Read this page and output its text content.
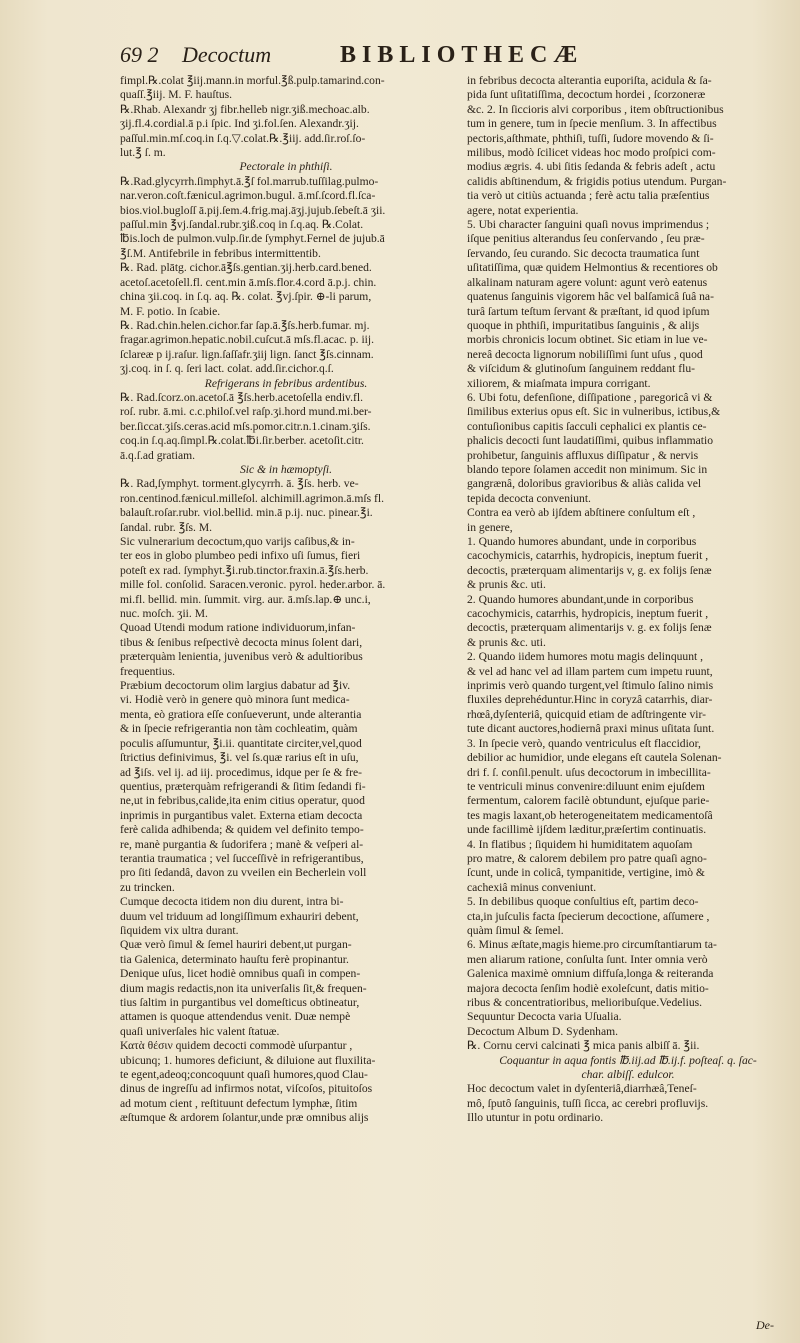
69 2	Decoctum	BIBLIOTHECÆ

fimpl.℞.colat ℥iij.mann.in morful.℥ß.pulp.tamarind.con-

quaſſ.℥iij. M. F. hauſtus.

℞.Rhab. Alexandr ʒj fibr.helleb nigr.ʒiß.mechoac.alb.

ʒij.fl.4.cordial.ā p.i ſpic. Ind ʒi.fol.ſen. Alexandr.ʒij.

paſſul.min.mſ.coq.in ſ.q.▽.colat.℞.℥iij. add.ſir.roſ.ſo-

lut.℥ ſ. m.

Pectorale in phthiſi.

℞.Rad.glycyrrh.ſimphyt.ā.℥ſ fol.marrub.tuſſilag.pulmo-

nar.veron.coſt.fænicul.agrimon.bugul. ā.mſ.ſcord.fl.ſca-

bios.viol.bugloſſ ā.pij.ſem.4.frig.maj.āʒj.jujub.ſebeſt.ā ʒii.

paſſul.min ℥vj.ſandal.rubr.ʒiß.coq in ſ.q.aq. ℞.Colat.

℔is.loch de pulmon.vulp.ſir.de ſymphyt.Fernel de jujub.ā

℥ſ.M. Antifebrile in febribus intermittentib.

℞. Rad. plātg. cichor.ā℥ſs.gentian.ʒij.herb.card.bened.

acetoſ.acetoſell.fl. cent.min ā.mſs.flor.4.cord ā.p.j. chin.

china ʒii.coq. in ſ.q. aq. ℞. colat. ℥vj.ſpir. ⊕-li parum,

M. F. potio. In ſcabie.

℞. Rad.chin.helen.cichor.far ſap.ā.℥ſs.herb.fumar. mj.

fragar.agrimon.hepatic.nobil.cuſcut.ā mſs.fl.acac. p. iij.

ſclareæ p ij.raſur. lign.ſaſſafr.ʒiij lign. ſanct ℥ſs.cinnam.

ʒj.coq. in ſ. q. ſeri lact. colat. add.ſir.cichor.q.ſ.

Refrigerans in febribus ardentibus.

℞. Rad.ſcorz.on.acetoſ.ā ℥ſs.herb.acetoſella endiv.fl.

roſ. rubr. ā.mi. c.c.philoſ.vel raſp.ʒi.hord mund.mi.ber-

ber.ſiccat.ʒiſs.ceras.acid mſs.pomor.citr.n.1.cinam.ʒiſs.

coq.in ſ.q.aq.ſimpl.℞.colat.℔i.ſir.berber. acetoſit.citr.

ā.q.ſ.ad gratiam.

Sic & in hæmoptyſi.

℞. Rad,ſymphyt. torment.glycyrrh. ā. ℥ſs. herb. ve-

ron.centinod.fænicul.milleſol. alchimill.agrimon.ā.mſs fl.

balauſt.roſar.rubr. viol.bellid. min.ā p.ij. nuc. pinear.℥i.

ſandal. rubr. ℥ſs. M.

Sic vulnerarium decoctum,quo varijs caſibus,& in-

ter eos in globo plumbeo pedi infixo uſi ſumus, fieri

poteſt ex rad. ſymphyt.℥i.rub.tinctor.fraxin.ā.℥ſs.herb.

mille fol. conſolid. Saracen.veronic. pyrol. heder.arbor. ā.

mi.fl. bellid. min. ſummit. virg. aur. ā.mſs.lap.⊕ unc.i,

nuc. moſch. ʒii. M.

Quoad Utendi modum ratione individuorum,infan-

tibus & ſenibus reſpectivè decocta minus ſolent dari,

præterquàm lenientia, juvenibus verò & adultioribus

frequentius.

Præbium decoctorum olim largius dabatur ad ℥iv.

vi. Hodiè verò in genere quò minora ſunt medica-

menta, eò gratiora eſſe conſueverunt, unde alterantia

& in ſpecie refrigerantia non tàm cochleatim, quàm

poculis aſſumuntur, ℥i.ii. quantitate circiter,vel,quod

ſtrictius definivimus, ℥i. vel ſs.quæ rarius eſt in uſu,

ad ℥iſs. vel ij. ad iij. procedimus, idque per ſe & fre-

quentius, præterquàm refrigerandi & ſitim ſedandi fi-

ne,ut in febribus,calide,ita enim citius operatur, quod

inprimis in purgantibus valet. Externa etiam decocta

ferè calida adhibenda; & quidem vel definito tempo-

re, manè purgantia & ſudorifera ; manè & veſperi al-

terantia traumatica ; vel ſucceſſivè in refrigerantibus,

pro ſiti ſedandâ, davon zu vveilen ein Becherlein voll

zu trincken.

Cumque decocta itidem non diu durent, intra bi-

duum vel triduum ad longiſſimum exhauriri debent,

ſiquidem vix ultra durant.

Quæ verò ſimul & ſemel hauriri debent,ut purgan-

tia Galenica, determinato hauſtu ferè propinantur.

Denique uſus, licet hodiè omnibus quaſi in compen-

dium magis redactis,non ita univerſalis ſit,& frequen-

tius ſaltim in purgantibus vel domeſticus obtineatur,

attamen is quoque attendendus venit. Duæ nempè

quaſi univerſales hic valent ſtatuæ.

Κατὰ θέσιν quidem decocti commodè uſurpantur ,

ubicunq; 1. humores deficiunt, & diluione aut fluxilita-

te egent,adeoq;concoquunt quaſi humores,quod Clau-

dinus de ingreſſu ad infirmos notat, viſcoſos, pituitoſos

ad motum cient , reſtituunt defectum lymphæ, ſitim

æſtumque & ardorem ſolantur,unde præ omnibus alijs

in febribus decocta alterantia euporiſta, acidula & ſa-

pida ſunt uſitatiſſima, decoctum hordei , ſcorzoneræ

&c. 2. In ſiccioris alvi corporibus , item obſtructionibus

tum in genere, tum in ſpecie menſium. 3. In affectibus

pectoris,aſthmate, phthiſi, tuſſi, ſudore movendo & ſi-

milibus, modò ſcilicet videas hoc modo proſpici com-

modius ægris. 4. ubi ſitis ſedanda & febris adeſt , actu

calidis abſtinendum, & frigidis potius utendum. Purgan-

tia verò ut citiùs actuanda ; ferè actu talia præſentius

agere, notat experientia.

5. Ubi character ſanguini quaſi novus imprimendus ;

iſque penitius alterandus ſeu conſervando , ſeu præ-

ſervando, ſeu curando. Sic decocta traumatica ſunt

uſitatiſſima, quæ quidem Helmontius & recentiores ob

alkalinam naturam agere volunt: agunt verò eatenus

quatenus ſanguinis vigorem hâc vel balſamicâ ſuâ na-

turâ ſartum teſtum ſervant & præſtant, id quod ipſum

quoque in phthiſi, impuritatibus ſanguinis , & alijs

morbis chronicis locum obtinet. Sic etiam in lue ve-

nereâ decocta lignorum nobiliſſimi ſunt uſus , quod

& viſcidum & glutinoſum ſanguinem reddant flu-

xiliorem, & miaſmata impura corrigant.

6. Ubi fotu, defenſione, diſſipatione , paregoricâ vi &

ſimilibus exterius opus eſt. Sic in vulneribus, ictibus,&

contuſionibus capitis ſacculi cephalici ex plantis ce-

phalicis decocti ſunt laudatiſſimi, quibus inflammatio

prohibetur, ſanguinis affluxus diſſipatur , & nervis

blando tepore ſolamen accedit non minimum. Sic in

gangrænâ, doloribus gravioribus & aliàs calida vel

tepida decocta conveniunt.

Contra ea verò ab ijſdem abſtinere conſultum eſt ,

in genere,

1. Quando humores abundant, unde in corporibus

cacochymicis, catarrhis, hydropicis, ineptum fuerit ,

decoctis, præterquam alimentarijs v, g. ex folijs ſenæ

& prunis &c. uti.

2. Quando humores abundant,unde in corporibus

cacochymicis, catarrhis, hydropicis, ineptum fuerit ,

decoctis, præterquam alimentarijs v. g. ex folijs ſenæ

& prunis &c. uti.

2. Quando iidem humores motu magis delinquunt ,

& vel ad hanc vel ad illam partem cum impetu ruunt,

inprimis verò quando turgent,vel ſtimulo ſalino nimis

fluxiles deprehéduntur.Hinc in coryzâ catarrhis, diar-

rhœâ,dyſenteriâ, quicquid etiam de adſtringente vir-

tute dicant auctores,hodiernâ praxi minus uſitata ſunt.

3. In ſpecie verò, quando ventriculus eſt flaccidior,

debilior ac humidior, unde elegans eſt cautela Solenan-

dri f. ſ. conſil.penult. uſus decoctorum in imbecillita-

te ventriculi minus convenire:diluunt enim ejuſdem

fermentum, calorem facilè obtundunt, ejuſque parie-

tes magis laxant,ob heterogeneitatem medicamentoſâ

unde facillimè ijſdem læditur,præſertim continuatis.

4. In flatibus ; ſiquidem hi humiditatem aquoſam

pro matre, & calorem debilem pro patre quaſi agno-

ſcunt, unde in colicâ, tympanitide, vertigine, imò &

cachexiâ minus conveniunt.

5. In debilibus quoque conſultius eſt, partim deco-

cta,in juſculis facta ſpecierum decoctione, aſſumere ,

quàm ſimul & ſemel.

6. Minus æſtate,magis hieme.pro circumſtantiarum ta-

men aliarum ratione, conſulta ſunt. Inter omnia verò

Galenica maximè omnium diffuſa,longa & reiteranda

majora decocta ſenſim hodiè exoleſcunt, datis mitio-

ribus & concentratioribus, melioribuſque.Vedelius.

Sequuntur Decocta varia Uſualia.

Decoctum Album D. Sydenham.

℞. Cornu cervi calcinati ℥ mica panis albiſſ ā. ℥ii.

Coquantur in aqua fontis ℔.iij.ad ℔.ij.f. poſteaſ. q. ſac-

char. albiſſ. edulcor.

Hoc decoctum valet in dyſenteriâ,diarrhæâ,Teneſ-

mô, ſputô ſanguinis, tuſſi ſicca, ac cerebri profluvijs.

Illo utuntur in potu ordinario.

De-
